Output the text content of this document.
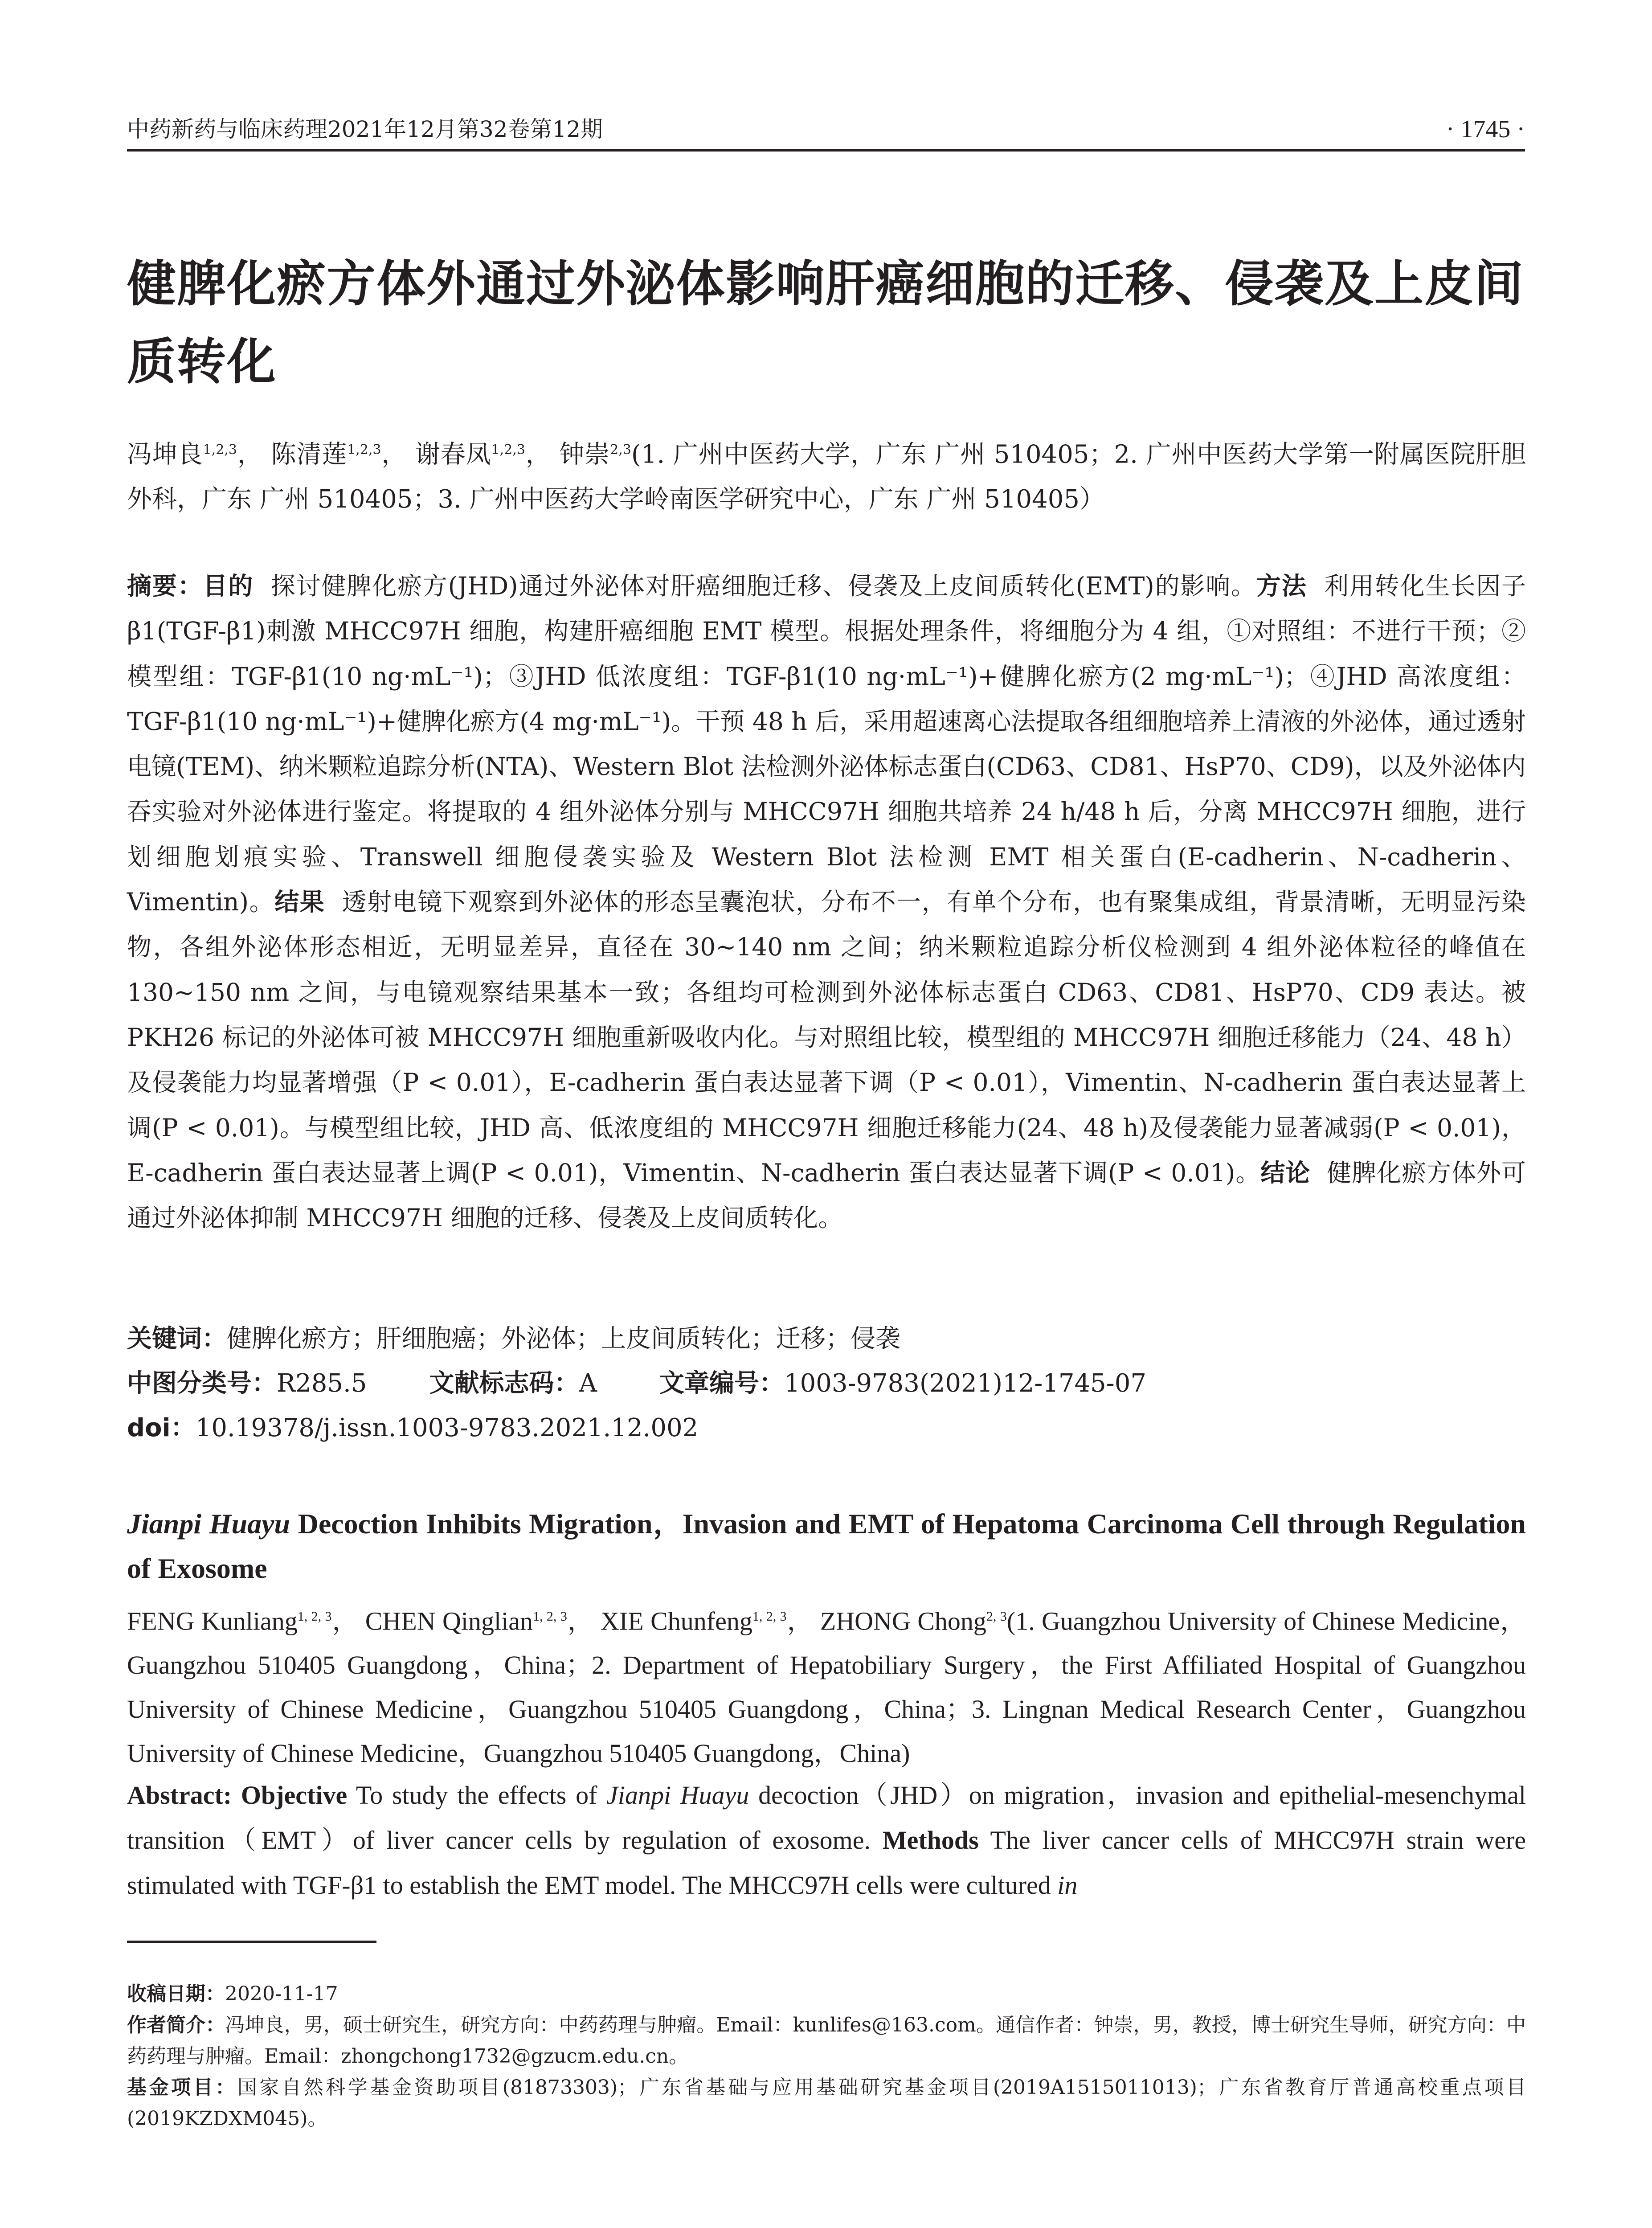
中药新药与临床药理2021年12月第32卷第12期	· 1745 ·
健脾化瘀方体外通过外泌体影响肝癌细胞的迁移、侵袭及上皮间质转化
冯坤良$^{1,2,3}$， 陈清莲$^{1,2,3}$， 谢春凤$^{1,2,3}$， 钟崇$^{2,3}$(1. 广州中医药大学，广东 广州 510405；2. 广州中医药大学第一附属医院肝胆外科，广东 广州 510405；3. 广州中医药大学岭南医学研究中心，广东 广州 510405）
摘要：目的 探讨健脾化瘀方(JHD)通过外泌体对肝癌细胞迁移、侵袭及上皮间质转化(EMT)的影响。方法 利用转化生长因子 β1(TGF-β1)刺激 MHCC97H 细胞，构建肝癌细胞 EMT 模型。根据处理条件，将细胞分为 4 组，①对照组：不进行干预；②模型组：TGF-β1(10 ng·mL⁻¹)；③JHD 低浓度组：TGF-β1(10 ng·mL⁻¹)+健脾化瘀方(2 mg·mL⁻¹)；④JHD 高浓度组：TGF-β1(10 ng·mL⁻¹)+健脾化瘀方(4 mg·mL⁻¹)。干预 48 h 后，采用超速离心法提取各组细胞培养上清液的外泌体，通过透射电镜(TEM)、纳米颗粒追踪分析(NTA)、Western Blot 法检测外泌体标志蛋白(CD63、CD81、HsP70、CD9)，以及外泌体内吞实验对外泌体进行鉴定。将提取的 4 组外泌体分别与 MHCC97H 细胞共培养 24 h/48 h 后，分离 MHCC97H 细胞，进行划细胞划痕实验、Transwell 细胞侵袭实验及 Western Blot 法检测 EMT 相关蛋白(E-cadherin、N-cadherin、Vimentin)。结果 透射电镜下观察到外泌体的形态呈囊泡状，分布不一，有单个分布，也有聚集成组，背景清晰，无明显污染物，各组外泌体形态相近，无明显差异，直径在 30~140 nm 之间；纳米颗粒追踪分析仪检测到 4 组外泌体粒径的峰值在 130~150 nm 之间，与电镜观察结果基本一致；各组均可检测到外泌体标志蛋白 CD63、CD81、HsP70、CD9 表达。被 PKH26 标记的外泌体可被 MHCC97H 细胞重新吸收内化。与对照组比较，模型组的 MHCC97H 细胞迁移能力（24、48 h）及侵袭能力均显著增强（P < 0.01），E-cadherin 蛋白表达显著下调（P < 0.01），Vimentin、N-cadherin 蛋白表达显著上调(P < 0.01)。与模型组比较，JHD 高、低浓度组的 MHCC97H 细胞迁移能力(24、48 h)及侵袭能力显著减弱(P < 0.01)，E-cadherin 蛋白表达显著上调(P < 0.01)，Vimentin、N-cadherin 蛋白表达显著下调(P < 0.01)。结论 健脾化瘀方体外可通过外泌体抑制 MHCC97H 细胞的迁移、侵袭及上皮间质转化。
关键词：健脾化瘀方；肝细胞癌；外泌体；上皮间质转化；迁移；侵袭
中图分类号：R285.5	文献标志码：A	文章编号：1003-9783(2021)12-1745-07
doi：10.19378/j.issn.1003-9783.2021.12.002
Jianpi Huayu Decoction Inhibits Migration，Invasion and EMT of Hepatoma Carcinoma Cell through Regulation of Exosome
FENG Kunliang$^{1, 2, 3}$， CHEN Qinglian$^{1, 2, 3}$， XIE Chunfeng$^{1, 2, 3}$， ZHONG Chong$^{2, 3}$(1. Guangzhou University of Chinese Medicine，Guangzhou 510405 Guangdong，China；2. Department of Hepatobiliary Surgery，the First Affiliated Hospital of Guangzhou University of Chinese Medicine，Guangzhou 510405 Guangdong，China；3. Lingnan Medical Research Center，Guangzhou University of Chinese Medicine，Guangzhou 510405 Guangdong，China)
Abstract: Objective To study the effects of Jianpi Huayu decoction（JHD）on migration，invasion and epithelial-mesenchymal transition（EMT）of liver cancer cells by regulation of exosome. Methods The liver cancer cells of MHCC97H strain were stimulated with TGF-β1 to establish the EMT model. The MHCC97H cells were cultured in

收稿日期：2020-11-17

作者简介：冯坤良，男，硕士研究生，研究方向：中药药理与肿瘤。Email：kunlifes@163.com。通信作者：钟崇，男，教授，博士研究生导师，研究方向：中药药理与肿瘤。Email：zhongchong1732@gzucm.edu.cn。

基金项目：国家自然科学基金资助项目(81873303)；广东省基础与应用基础研究基金项目(2019A1515011013)；广东省教育厅普通高校重点项目(2019KZDXM045)。
